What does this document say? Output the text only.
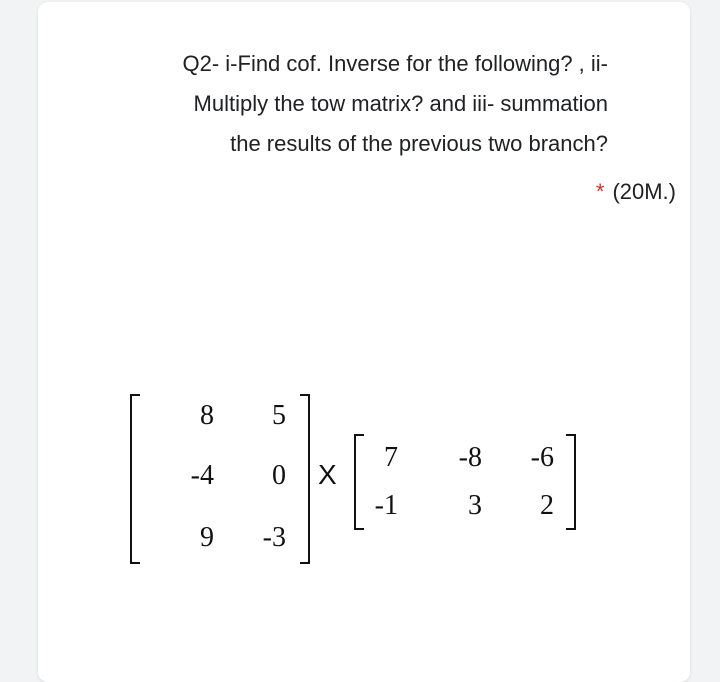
Q2- i-Find cof. Inverse for the following? , ii-
Multiply the tow matrix? and iii- summation
the results of the previous two branch?
* (20M.)
8	5
-4	0
9	-3
X
7	-8	-6
-1	3	2
